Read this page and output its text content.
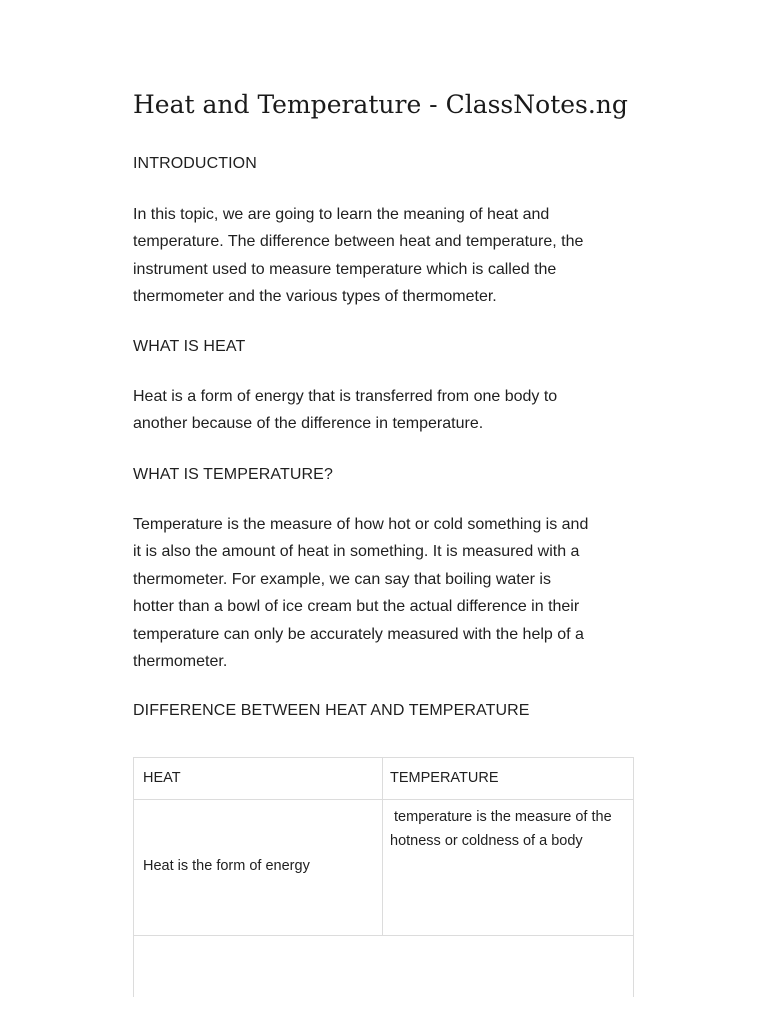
Heat and Temperature - ClassNotes.ng

INTRODUCTION

In this topic, we are going to learn the meaning of heat and
temperature. The difference between heat and temperature, the
instrument used to measure temperature which is called the
thermometer and the various types of thermometer.

WHAT IS HEAT

Heat is a form of energy that is transferred from one body to
another because of the difference in temperature.

WHAT IS TEMPERATURE?

Temperature is the measure of how hot or cold something is and
it is also the amount of heat in something. It is measured with a
thermometer. For example, we can say that boiling water is
hotter than a bowl of ice cream but the actual difference in their
temperature can only be accurately measured with the help of a
thermometer.

DIFFERENCE BETWEEN HEAT AND TEMPERATURE

HEAT	TEMPERATURE
Heat is the form of energy
temperature is the measure of the
hotness or coldness of a body
